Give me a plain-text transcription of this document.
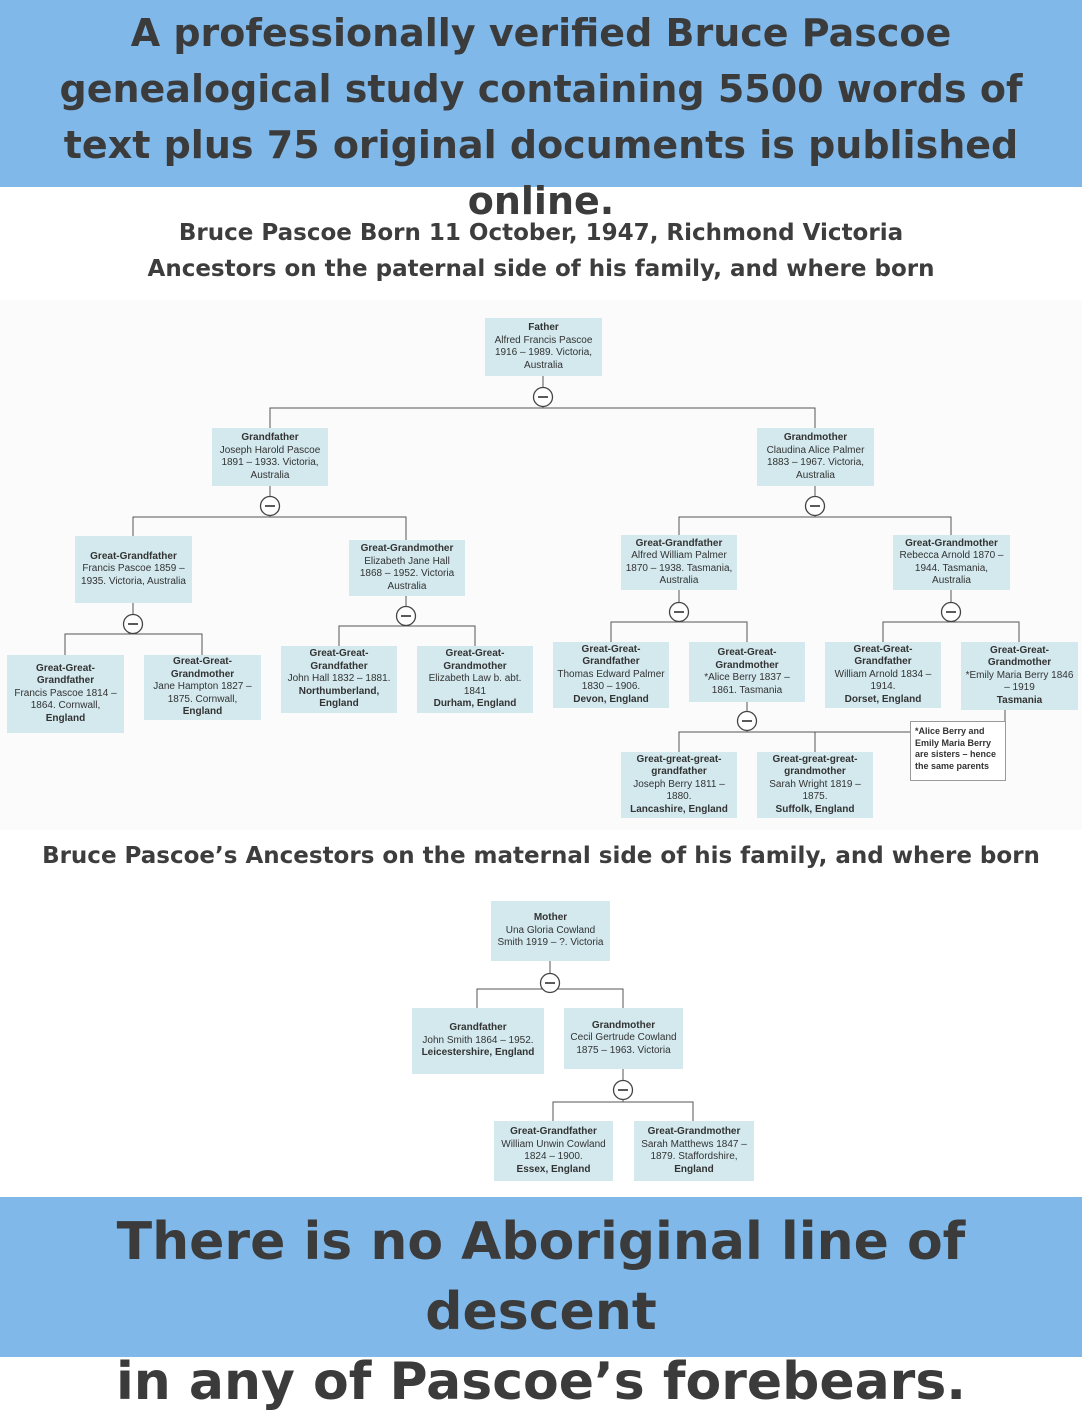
A professionally verified Bruce Pascoe
genealogical study containing 5500 words of
text plus 75 original documents is published online.
Bruce Pascoe Born 11 October, 1947, Richmond Victoria
Ancestors on the paternal side of his family, and where born
Father
Alfred Francis Pascoe 1916 – 1989. Victoria, Australia
Grandfather
Joseph Harold Pascoe 1891 – 1933. Victoria, Australia
Grandmother
Claudina Alice Palmer 1883 – 1967. Victoria, Australia
Great-Grandfather
Francis Pascoe 1859 – 1935. Victoria, Australia
Great-Grandmother
Elizabeth Jane Hall 1868 – 1952. Victoria Australia
Great-Grandfather
Alfred William Palmer 1870 – 1938. Tasmania, Australia
Great-Grandmother
Rebecca Arnold 1870 – 1944. Tasmania, Australia
Great-Great-Grandfather
Francis Pascoe 1814 – 1864. Cornwall,
England
Great-Great-Grandmother
Jane Hampton 1827 – 1875. Cornwall,
England
Great-Great-Grandfather
John Hall 1832 – 1881.
Northumberland, England
Great-Great-Grandmother
Elizabeth Law b. abt. 1841
Durham, England
Great-Great-Grandfather
Thomas Edward Palmer 1830 – 1906.
Devon, England
Great-Great-Grandmother
*Alice Berry 1837 – 1861. Tasmania
Great-Great-Grandfather
William Arnold 1834 – 1914.
Dorset, England
Great-Great-Grandmother
*Emily Maria Berry 1846 – 1919
Tasmania
Great-great-great-grandfather
Joseph Berry 1811 – 1880.
Lancashire, England
Great-great-great-grandmother
Sarah Wright 1819 – 1875.
Suffolk, England
*Alice Berry and Emily Maria Berry are sisters – hence the same parents
Bruce Pascoe’s Ancestors on the maternal side of his family, and where born
Mother
Una Gloria Cowland Smith 1919 – ?. Victoria
Grandfather
John Smith 1864 – 1952.
Leicestershire, England
Grandmother
Cecil Gertrude Cowland 1875 – 1963. Victoria
Great-Grandfather
William Unwin Cowland 1824 – 1900.
Essex, England
Great-Grandmother
Sarah Matthews 1847 – 1879. Staffordshire,
England
There is no Aboriginal line of descent
in any of Pascoe’s forebears.
